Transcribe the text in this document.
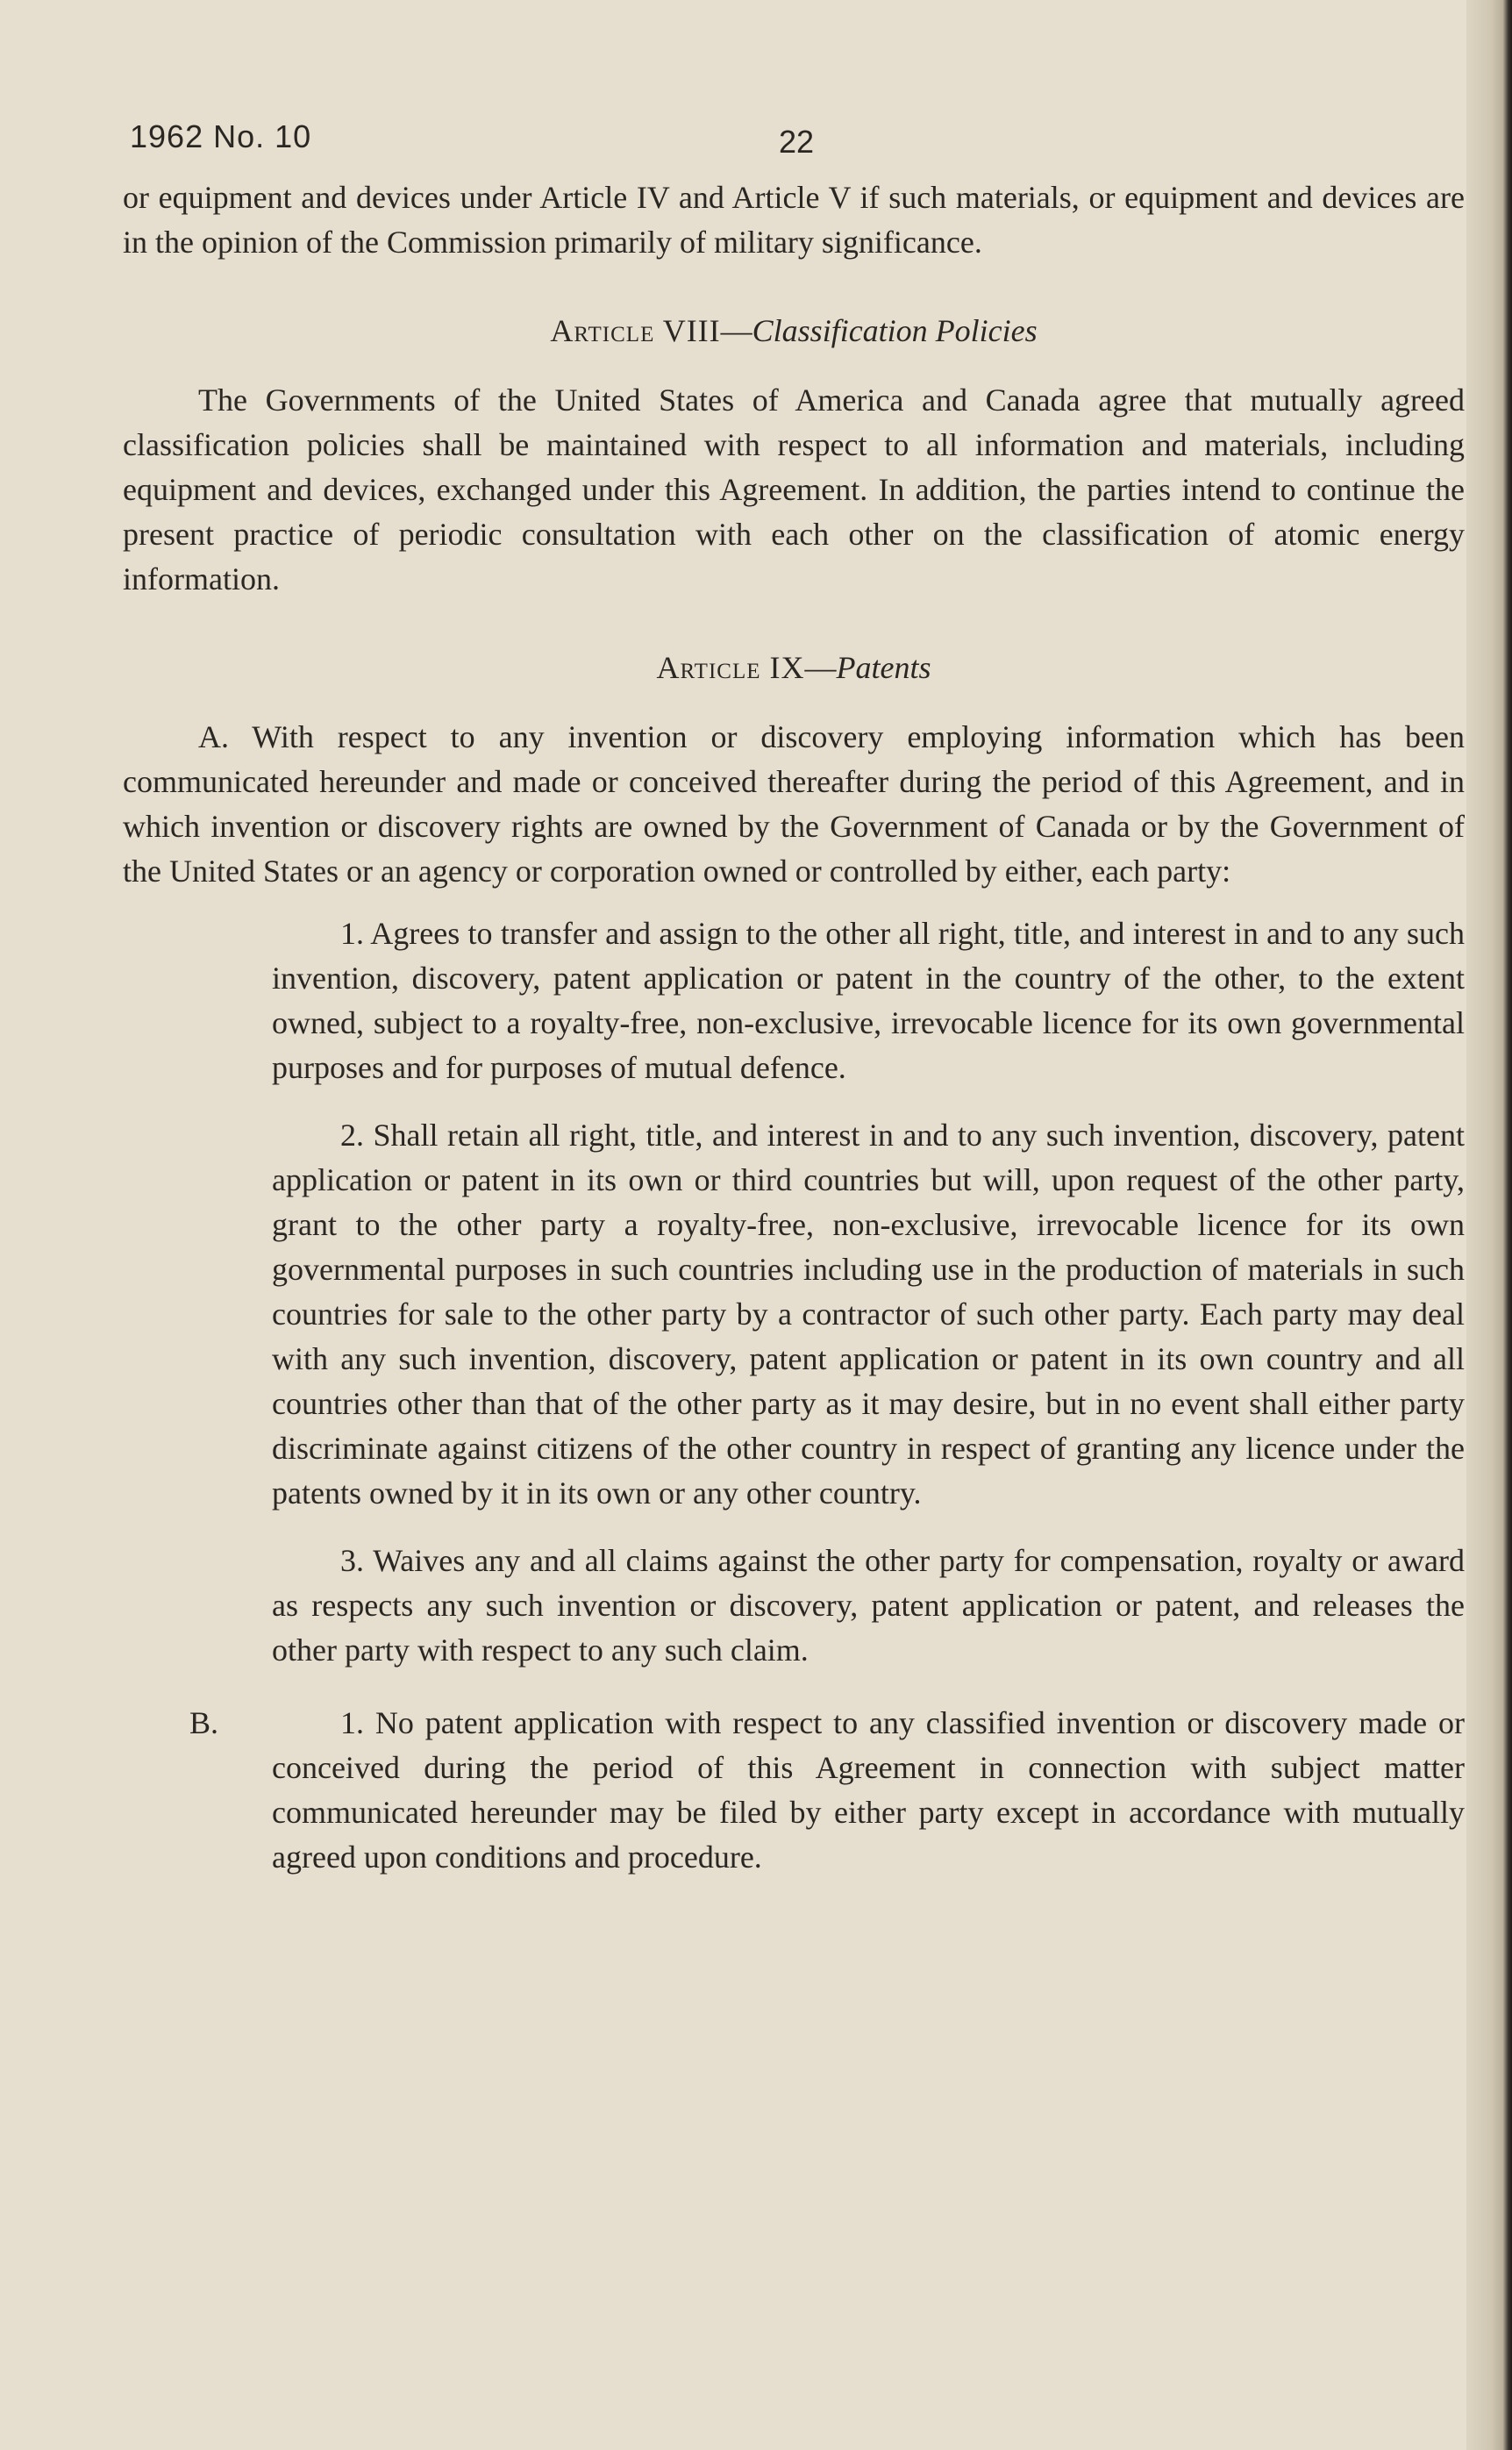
1962 No. 10	22

or equipment and devices under Article IV and Article V if such materials, or equipment and devices are in the opinion of the Commission primarily of military significance.

Article VIII—Classification Policies

The Governments of the United States of America and Canada agree that mutually agreed classification policies shall be maintained with respect to all information and materials, including equipment and devices, exchanged under this Agreement. In addition, the parties intend to continue the present practice of periodic consultation with each other on the classification of atomic energy information.

Article IX—Patents

A. With respect to any invention or discovery employing information which has been communicated hereunder and made or conceived thereafter during the period of this Agreement, and in which invention or discovery rights are owned by the Government of Canada or by the Government of the United States or an agency or corporation owned or controlled by either, each party:

1. Agrees to transfer and assign to the other all right, title, and interest in and to any such invention, discovery, patent application or patent in the country of the other, to the extent owned, subject to a royalty-free, non-exclusive, irrevocable licence for its own governmental purposes and for purposes of mutual defence.

2. Shall retain all right, title, and interest in and to any such invention, discovery, patent application or patent in its own or third countries but will, upon request of the other party, grant to the other party a royalty-free, non-exclusive, irrevocable licence for its own governmental purposes in such countries including use in the production of materials in such countries for sale to the other party by a contractor of such other party. Each party may deal with any such invention, discovery, patent application or patent in its own country and all countries other than that of the other party as it may desire, but in no event shall either party discriminate against citizens of the other country in respect of granting any licence under the patents owned by it in its own or any other country.

3. Waives any and all claims against the other party for compensation, royalty or award as respects any such invention or discovery, patent application or patent, and releases the other party with respect to any such claim.

B.	1. No patent application with respect to any classified invention or discovery made or conceived during the period of this Agreement in connection with subject matter communicated hereunder may be filed by either party except in accordance with mutually agreed upon conditions and procedure.
